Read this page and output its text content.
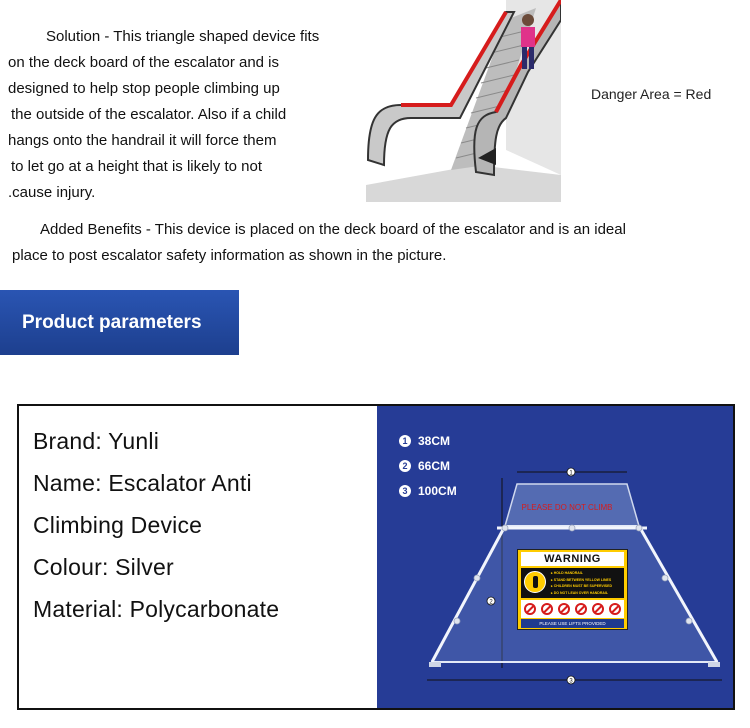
Solution - This triangle shaped device fits
on the deck board of the escalator and is
designed to help stop people climbing up
the outside of the escalator. Also if a child
hangs onto the handrail it will force them
to let go at a height that is likely to not
.cause injury.
Danger Area = Red
Added Benefits - This device is placed on the deck board of the escalator and is an ideal
place to post escalator safety information as shown in the picture.
Product parameters
Brand: Yunli
Name: Escalator Anti
Climbing Device
Colour: Silver
Material: Polycarbonate
1 38CM
2 66CM
3 100CM
1
2
3
PLEASE DO NOT CLIMB
WARNING
▸ HOLD HANDRAIL
▸ STAND BETWEEN YELLOW LINES
▸ CHILDREN MUST BE SUPERVISED
▸ DO NOT LEAN OVER HANDRAIL
PLEASE USE LIFTS PROVIDED
